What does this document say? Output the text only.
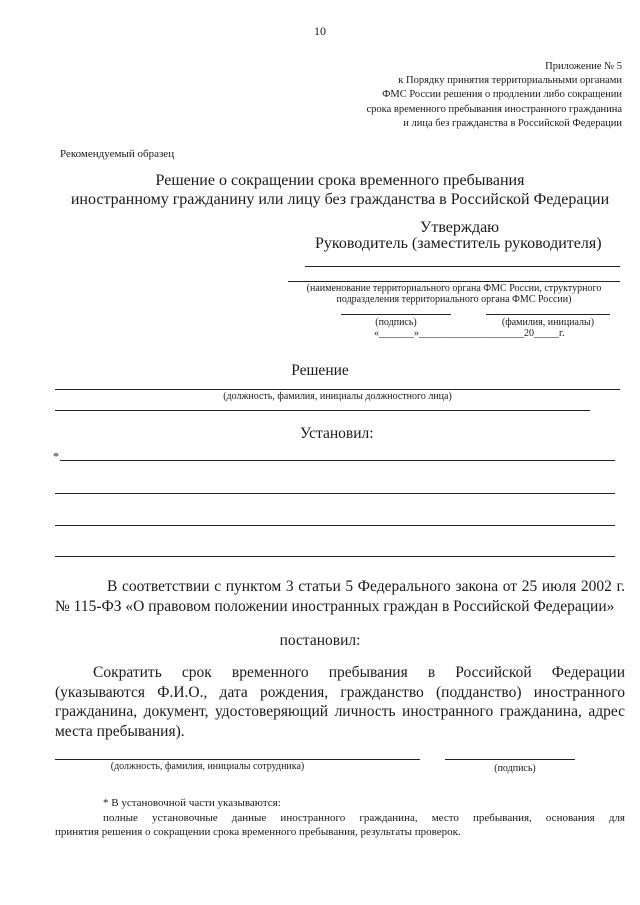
10
Приложение № 5
к Порядку принятия территориальными органами
ФМС России решения о продлении либо сокращении
срока временного пребывания иностранного гражданина
и лица без гражданства в Российской Федерации
Рекомендуемый образец
Решение о сокращении срока временного пребывания
иностранному гражданину или лицу без гражданства в Российской Федерации
Утверждаю
Руководитель (заместитель руководителя)
(наименование территориального органа ФМС России, структурного
подразделения территориального органа ФМС России)
(подпись)	(фамилия, инициалы)
«_______»_____________________20_____г.
Решение
(должность, фамилия, инициалы должностного лица)
Установил:
*
В соответствии с пунктом 3 статьи 5 Федерального закона от 25 июля 2002 г.
№ 115-ФЗ «О правовом положении иностранных граждан в Российской Федерации»
постановил:
Сократить срок временного пребывания в Российской Федерации
(указываются Ф.И.О., дата рождения, гражданство (подданство) иностранного
гражданина, документ, удостоверяющий личность иностранного гражданина, адрес
места пребывания).
(должность, фамилия, инициалы сотрудника)	(подпись)
* В установочной части указываются:
полные установочные данные иностранного гражданина, место пребывания, основания для
принятия решения о сокращении срока временного пребывания, результаты проверок.
